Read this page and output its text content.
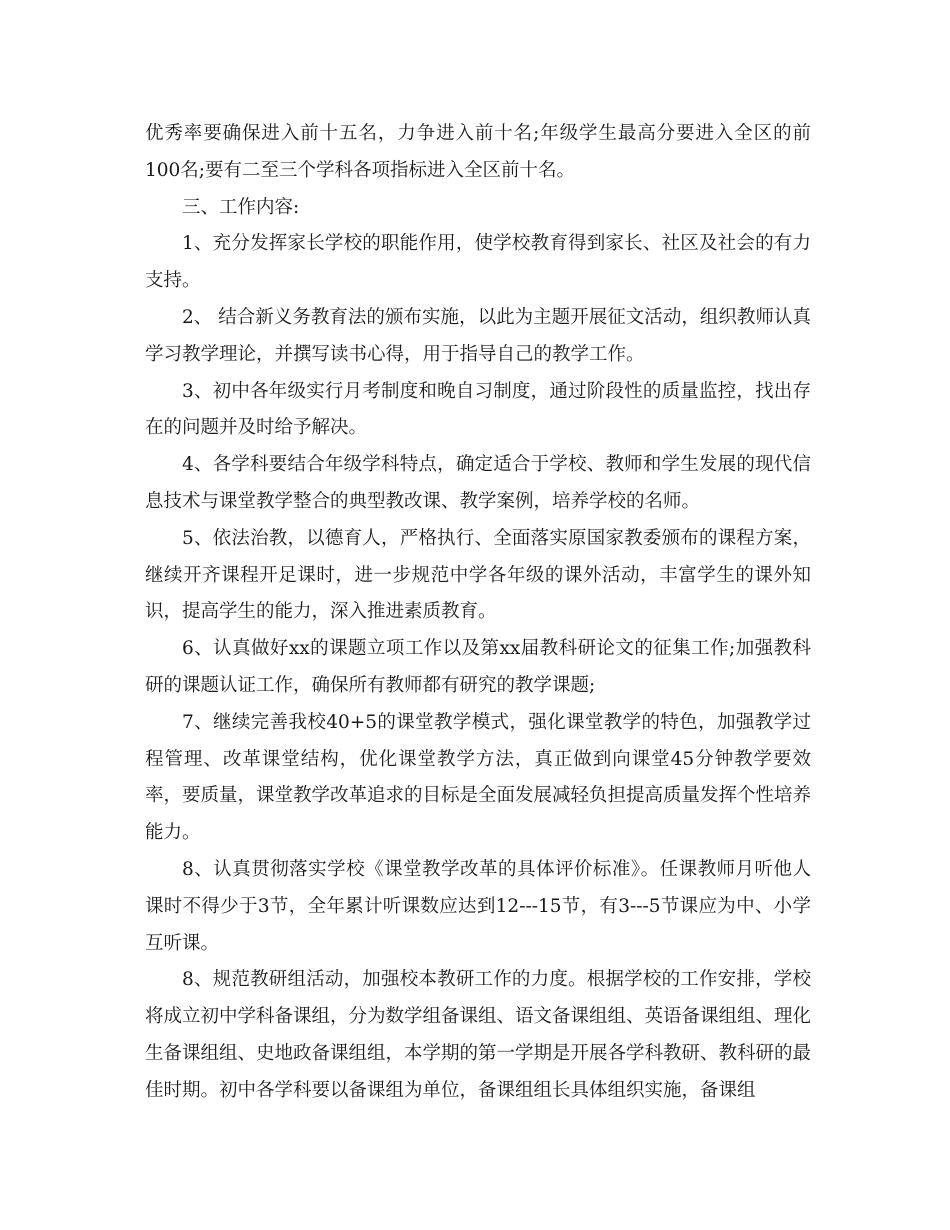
优秀率要确保进入前十五名，力争进入前十名;年级学生最高分要进入全区的前100名;要有二至三个学科各项指标进入全区前十名。

三、工作内容:

1、充分发挥家长学校的职能作用，使学校教育得到家长、社区及社会的有力支持。

2、 结合新义务教育法的颁布实施，以此为主题开展征文活动，组织教师认真学习教学理论，并撰写读书心得，用于指导自己的教学工作。

3、初中各年级实行月考制度和晚自习制度，通过阶段性的质量监控，找出存在的问题并及时给予解决。

4、各学科要结合年级学科特点，确定适合于学校、教师和学生发展的现代信息技术与课堂教学整合的典型教改课、教学案例，培养学校的名师。

5、依法治教，以德育人，严格执行、全面落实原国家教委颁布的课程方案，继续开齐课程开足课时，进一步规范中学各年级的课外活动，丰富学生的课外知识，提高学生的能力，深入推进素质教育。

6、认真做好xx的课题立项工作以及第xx届教科研论文的征集工作;加强教科研的课题认证工作，确保所有教师都有研究的教学课题;

7、继续完善我校40+5的课堂教学模式，强化课堂教学的特色，加强教学过程管理、改革课堂结构，优化课堂教学方法，真正做到向课堂45分钟教学要效率，要质量，课堂教学改革追求的目标是全面发展减轻负担提高质量发挥个性培养能力。

8、认真贯彻落实学校《课堂教学改革的具体评价标准》。任课教师月听他人课时不得少于3节，全年累计听课数应达到12---15节，有3---5节课应为中、小学互听课。

8、规范教研组活动，加强校本教研工作的力度。根据学校的工作安排，学校将成立初中学科备课组，分为数学组备课组、语文备课组组、英语备课组组、理化生备课组组、史地政备课组组，本学期的第一学期是开展各学科教研、教科研的最佳时期。初中各学科要以备课组为单位，备课组组长具体组织实施，备课组
